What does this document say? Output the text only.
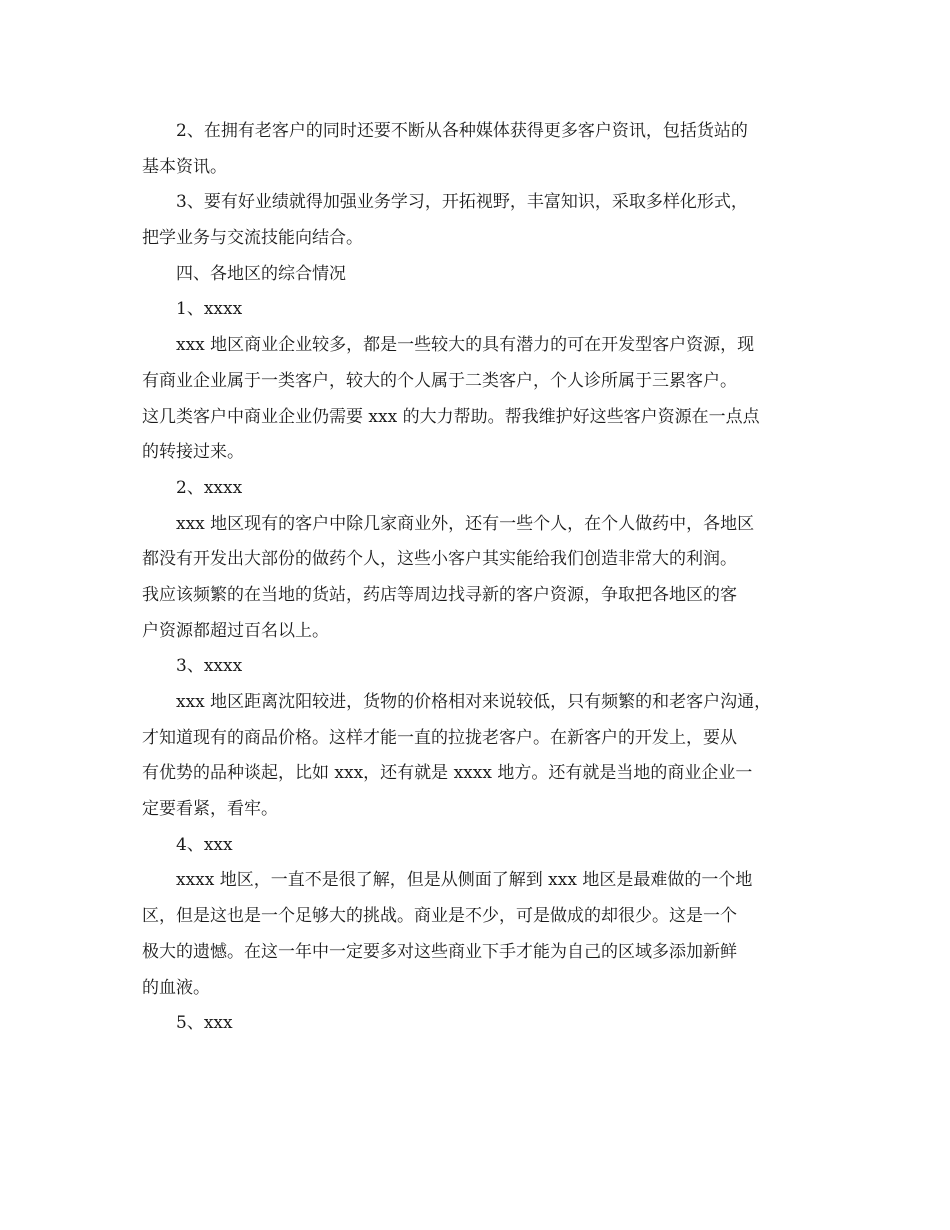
2、在拥有老客户的同时还要不断从各种媒体获得更多客户资讯，包括货站的
基本资讯。
3、要有好业绩就得加强业务学习，开拓视野，丰富知识，采取多样化形式，
把学业务与交流技能向结合。
四、各地区的综合情况
1、xxxx
xxx 地区商业企业较多，都是一些较大的具有潜力的可在开发型客户资源，现
有商业企业属于一类客户，较大的个人属于二类客户，个人诊所属于三累客户。
这几类客户中商业企业仍需要 xxx 的大力帮助。帮我维护好这些客户资源在一点点
的转接过来。
2、xxxx
xxx 地区现有的客户中除几家商业外，还有一些个人，在个人做药中，各地区
都没有开发出大部份的做药个人，这些小客户其实能给我们创造非常大的利润。
我应该频繁的在当地的货站，药店等周边找寻新的客户资源，争取把各地区的客
户资源都超过百名以上。
3、xxxx
xxx 地区距离沈阳较进，货物的价格相对来说较低，只有频繁的和老客户沟通，
才知道现有的商品价格。这样才能一直的拉拢老客户。在新客户的开发上，要从
有优势的品种谈起，比如 xxx，还有就是 xxxx 地方。还有就是当地的商业企业一
定要看紧，看牢。
4、xxx
xxxx 地区，一直不是很了解，但是从侧面了解到 xxx 地区是最难做的一个地
区，但是这也是一个足够大的挑战。商业是不少，可是做成的却很少。这是一个
极大的遗憾。在这一年中一定要多对这些商业下手才能为自己的区域多添加新鲜
的血液。
5、xxx
